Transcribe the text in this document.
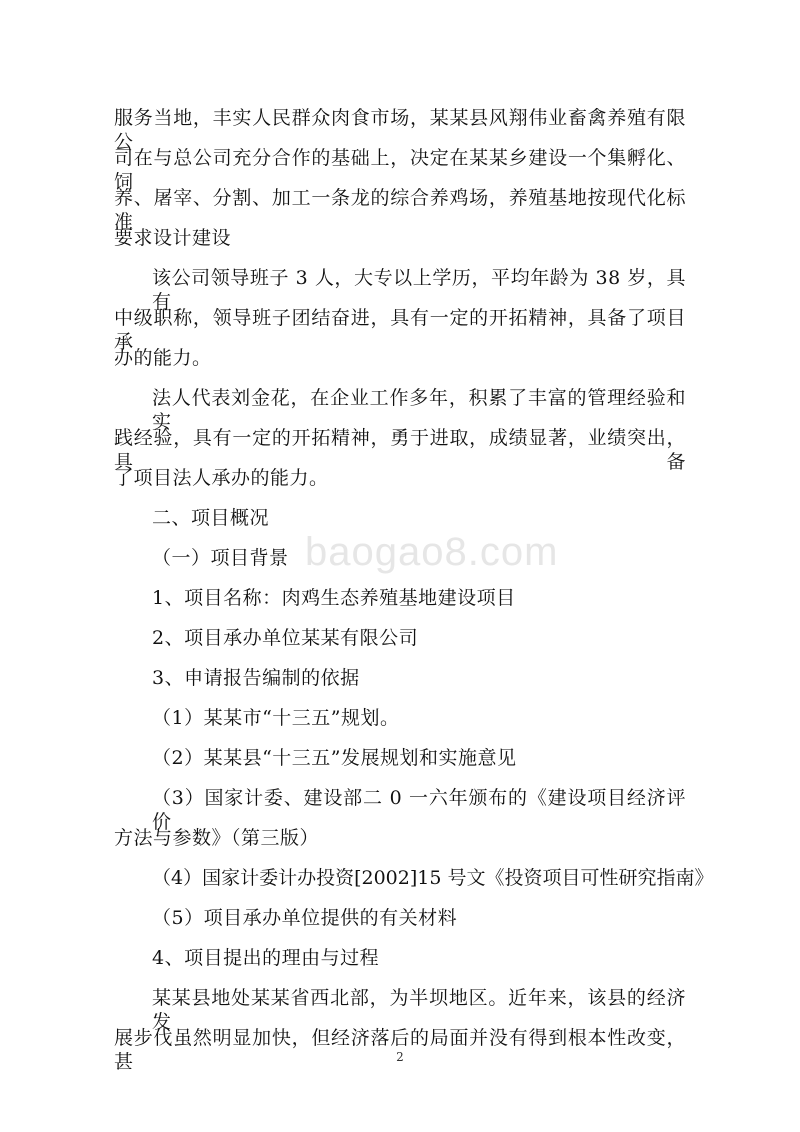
baogao8.com
服务当地，丰实人民群众肉食市场，某某县风翔伟业畜禽养殖有限公
司在与总公司充分合作的基础上，决定在某某乡建设一个集孵化、饲
养、屠宰、分割、加工一条龙的综合养鸡场，养殖基地按现代化标准
要求设计建设
该公司领导班子 3 人，大专以上学历，平均年龄为 38 岁，具有
中级职称，领导班子团结奋进，具有一定的开拓精神，具备了项目承
办的能力。
法人代表刘金花，在企业工作多年，积累了丰富的管理经验和实
践经验，具有一定的开拓精神，勇于进取，成绩显著，业绩突出，具备
了项目法人承办的能力。
二、项目概况
（一）项目背景
1、项目名称：肉鸡生态养殖基地建设项目
2、项目承办单位某某有限公司
3、申请报告编制的依据
（1）某某市“十三五”规划。
（2）某某县“十三五”发展规划和实施意见
（3）国家计委、建设部二 0 一六年颁布的《建设项目经济评价
方法与参数》（第三版）
（4）国家计委计办投资[2002]15 号文《投资项目可性研究指南》
（5）项目承办单位提供的有关材料
4、项目提出的理由与过程
某某县地处某某省西北部，为半坝地区。近年来，该县的经济发
展步伐虽然明显加快，但经济落后的局面并没有得到根本性改变，甚	2
